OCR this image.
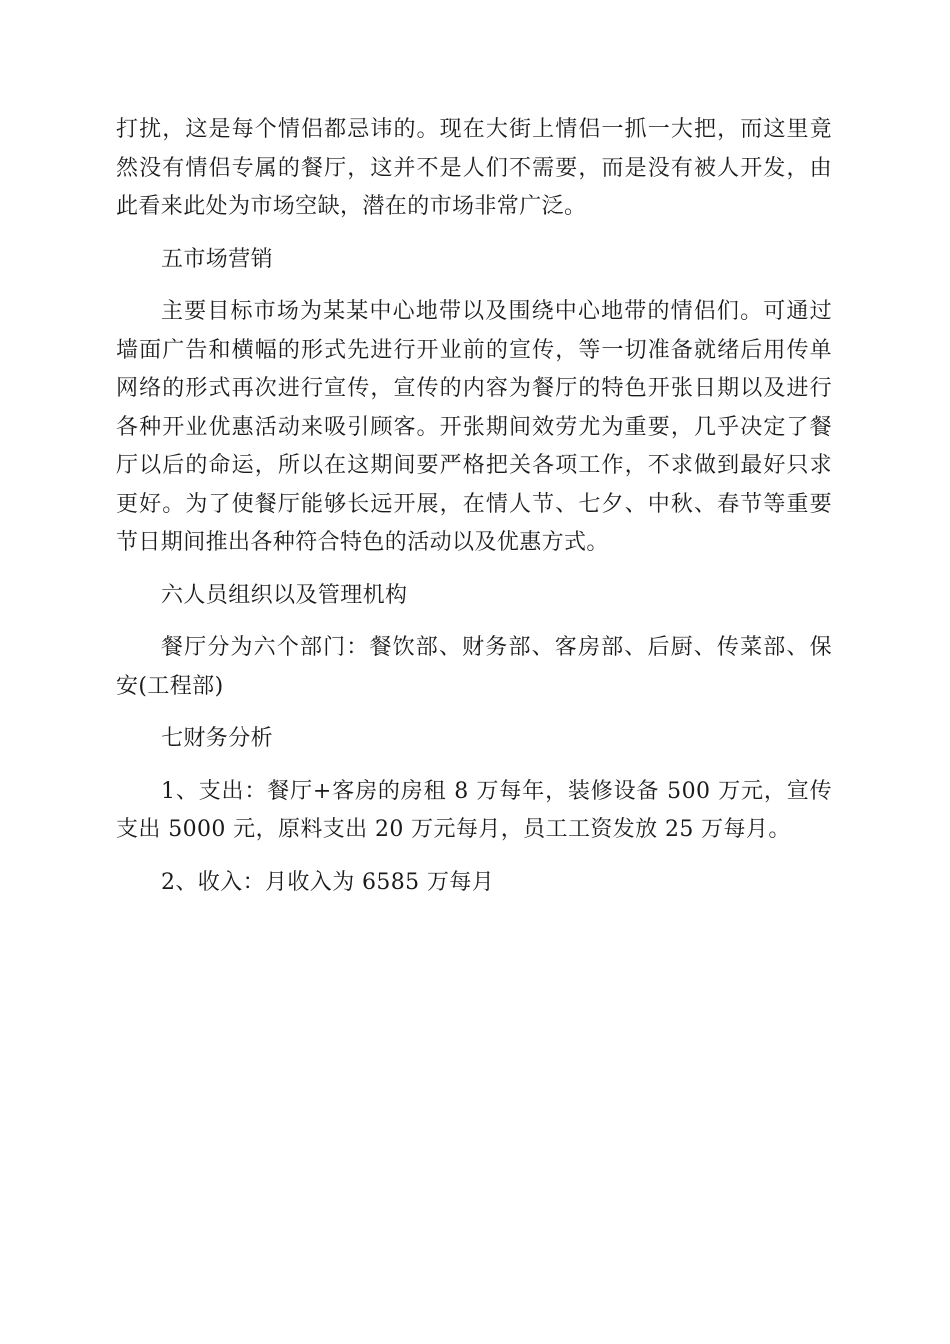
打扰，这是每个情侣都忌讳的。现在大街上情侣一抓一大把，而这里竟然没有情侣专属的餐厅，这并不是人们不需要，而是没有被人开发，由此看来此处为市场空缺，潜在的市场非常广泛。

五市场营销

主要目标市场为某某中心地带以及围绕中心地带的情侣们。可通过墙面广告和横幅的形式先进行开业前的宣传，等一切准备就绪后用传单网络的形式再次进行宣传，宣传的内容为餐厅的特色开张日期以及进行各种开业优惠活动来吸引顾客。开张期间效劳尤为重要，几乎决定了餐厅以后的命运，所以在这期间要严格把关各项工作，不求做到最好只求更好。为了使餐厅能够长远开展，在情人节、七夕、中秋、春节等重要节日期间推出各种符合特色的活动以及优惠方式。

六人员组织以及管理机构

餐厅分为六个部门：餐饮部、财务部、客房部、后厨、传菜部、保安(工程部)

七财务分析

1、支出：餐厅+客房的房租 8 万每年，装修设备 500 万元，宣传支出 5000 元，原料支出 20 万元每月，员工工资发放 25 万每月。

2、收入：月收入为 6585 万每月
